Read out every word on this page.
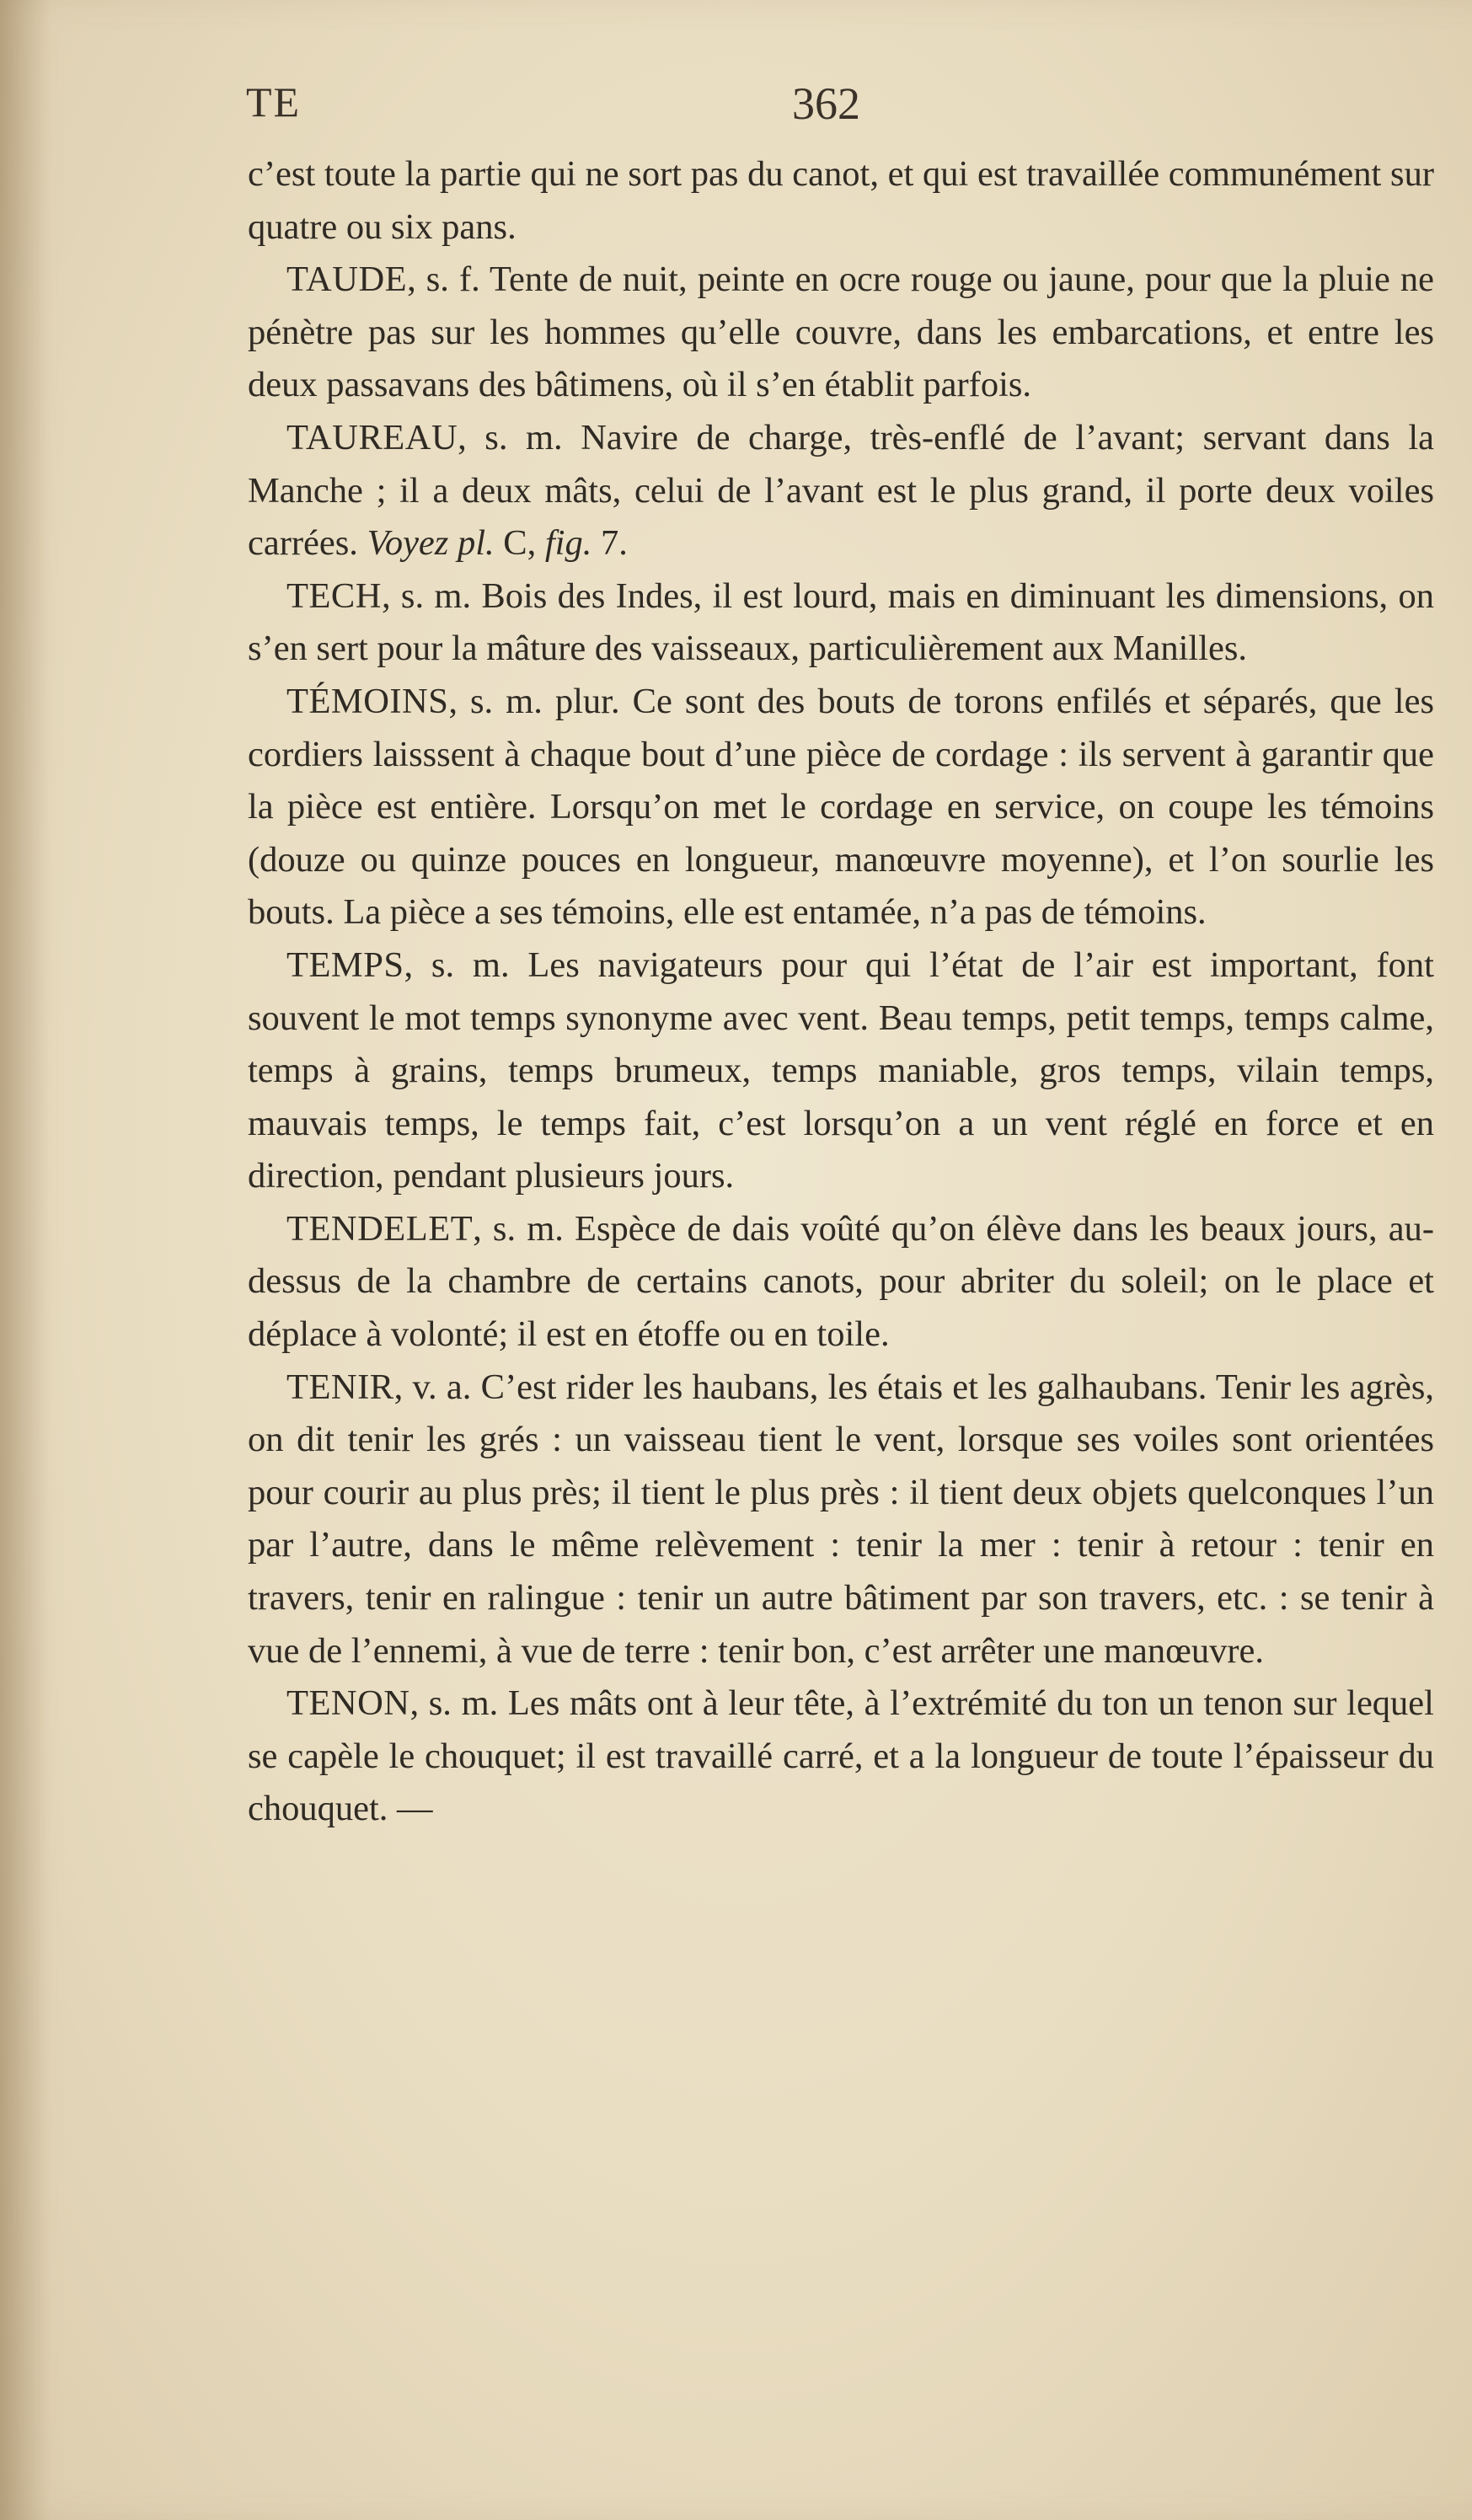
TE	362

c’est toute la partie qui ne sort pas du canot, et qui est travaillée communément sur quatre ou six pans.

TAUDE, s. f. Tente de nuit, peinte en ocre rouge ou jaune, pour que la pluie ne pénètre pas sur les hommes qu’elle couvre, dans les embarcations, et entre les deux passavans des bâtimens, où il s’en établit parfois.

TAUREAU, s. m. Navire de charge, très-enflé de l’avant; servant dans la Manche ; il a deux mâts, celui de l’avant est le plus grand, il porte deux voiles carrées. Voyez pl. C, fig. 7.

TECH, s. m. Bois des Indes, il est lourd, mais en diminuant les dimensions, on s’en sert pour la mâture des vaisseaux, particulièrement aux Manilles.

TÉMOINS, s. m. plur. Ce sont des bouts de torons enfilés et séparés, que les cordiers laisssent à chaque bout d’une pièce de cordage : ils servent à garantir que la pièce est entière. Lorsqu’on met le cordage en service, on coupe les témoins (douze ou quinze pouces en longueur, manœuvre moyenne), et l’on sourlie les bouts. La pièce a ses témoins, elle est entamée, n’a pas de témoins.

TEMPS, s. m. Les navigateurs pour qui l’état de l’air est important, font souvent le mot temps synonyme avec vent. Beau temps, petit temps, temps calme, temps à grains, temps brumeux, temps maniable, gros temps, vilain temps, mauvais temps, le temps fait, c’est lorsqu’on a un vent réglé en force et en direction, pendant plusieurs jours.

TENDELET, s. m. Espèce de dais voûté qu’on élève dans les beaux jours, au-dessus de la chambre de certains canots, pour abriter du soleil; on le place et déplace à volonté; il est en étoffe ou en toile.

TENIR, v. a. C’est rider les haubans, les étais et les galhaubans. Tenir les agrès, on dit tenir les grés : un vaisseau tient le vent, lorsque ses voiles sont orientées pour courir au plus près; il tient le plus près : il tient deux objets quelconques l’un par l’autre, dans le même relèvement : tenir la mer : tenir à retour : tenir en travers, tenir en ralingue : tenir un autre bâtiment par son travers, etc. : se tenir à vue de l’ennemi, à vue de terre : tenir bon, c’est arrêter une manœuvre.

TENON, s. m. Les mâts ont à leur tête, à l’extrémité du ton un tenon sur lequel se capèle le chouquet; il est travaillé carré, et a la longueur de toute l’épaisseur du chouquet. —
